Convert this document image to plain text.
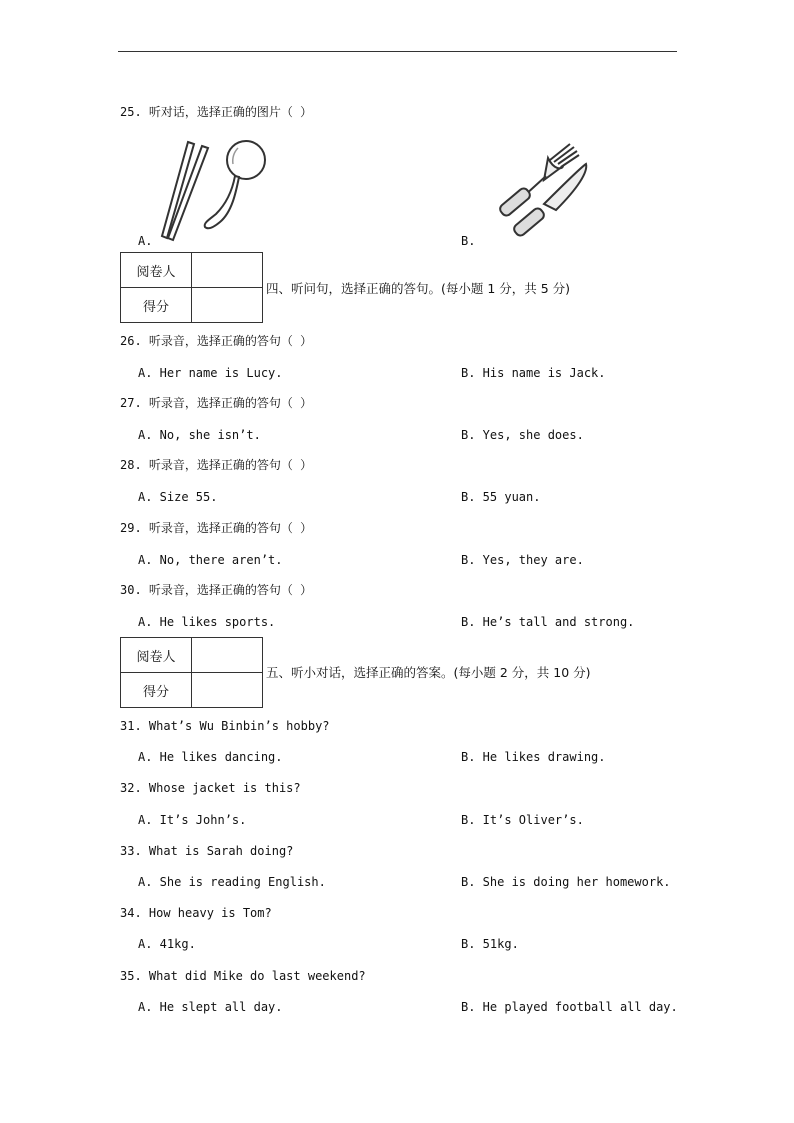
25. 听对话，选择正确的图片（ ）
A.	B.
阅卷人	
得分	
四、听问句，选择正确的答句。(每小题 1 分，共 5 分)
26. 听录音，选择正确的答句（ ）
A. Her name is Lucy.	B. His name is Jack.
27. 听录音，选择正确的答句（ ）
A. No, she isn’t.	B. Yes, she does.
28. 听录音，选择正确的答句（ ）
A. Size 55.	B. 55 yuan.
29. 听录音，选择正确的答句（ ）
A. No, there aren’t.	B. Yes, they are.
30. 听录音，选择正确的答句（ ）
A. He likes sports.	B. He’s tall and strong.
阅卷人	
得分	
五、听小对话，选择正确的答案。(每小题 2 分，共 10 分)
31. What’s Wu Binbin’s hobby?
A. He likes dancing.	B. He likes drawing.
32. Whose jacket is this?
A. It’s John’s.	B. It’s Oliver’s.
33. What is Sarah doing?
A. She is reading English.	B. She is doing her homework.
34. How heavy is Tom?
A. 41kg.	B. 51kg.
35. What did Mike do last weekend?
A. He slept all day.	B. He played football all day.
